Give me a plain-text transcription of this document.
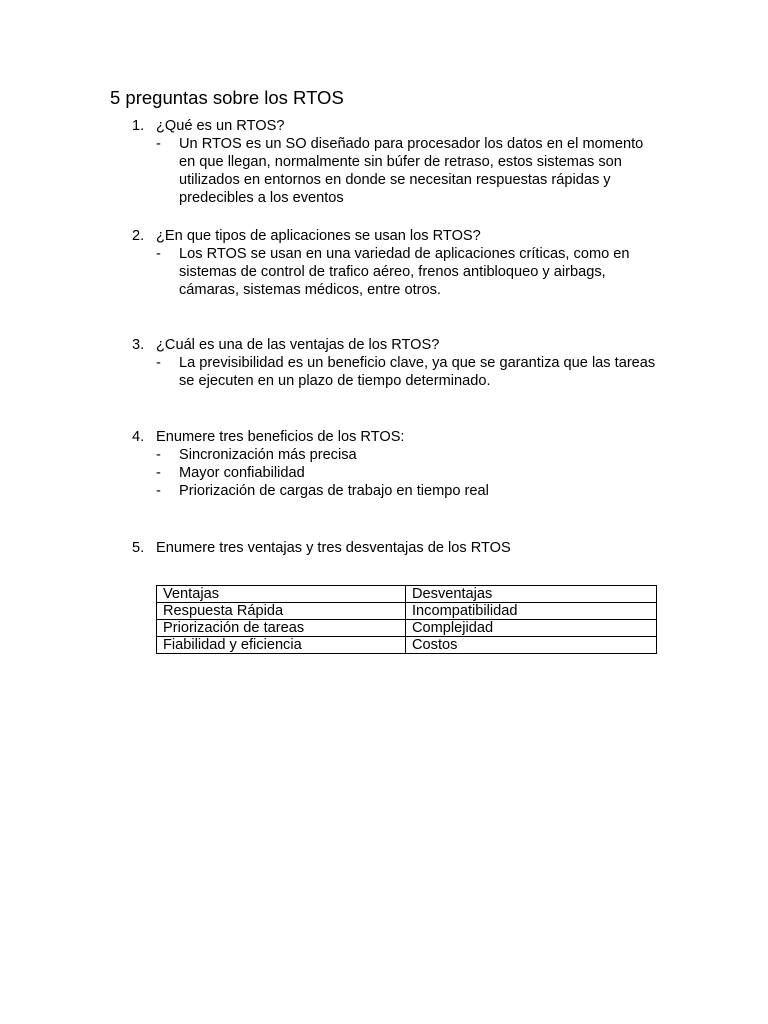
5 preguntas sobre los RTOS
1. ¿Qué es un RTOS?
- Un RTOS es un SO diseñado para procesador los datos en el momento en que llegan, normalmente sin búfer de retraso, estos sistemas son utilizados en entornos en donde se necesitan respuestas rápidas y predecibles a los eventos
2. ¿En que tipos de aplicaciones se usan los RTOS?
- Los RTOS se usan en una variedad de aplicaciones críticas, como en sistemas de control de trafico aéreo, frenos antibloqueo y airbags, cámaras, sistemas médicos, entre otros.
3. ¿Cuál es una de las ventajas de los RTOS?
- La previsibilidad es un beneficio clave, ya que se garantiza que las tareas se ejecuten en un plazo de tiempo determinado.
4. Enumere tres beneficios de los RTOS:
- Sincronización más precisa
- Mayor confiabilidad
- Priorización de cargas de trabajo en tiempo real
5. Enumere tres ventajas y tres desventajas de los RTOS
Ventajas	Desventajas
Respuesta Rápida	Incompatibilidad
Priorización de tareas	Complejidad
Fiabilidad y eficiencia	Costos
